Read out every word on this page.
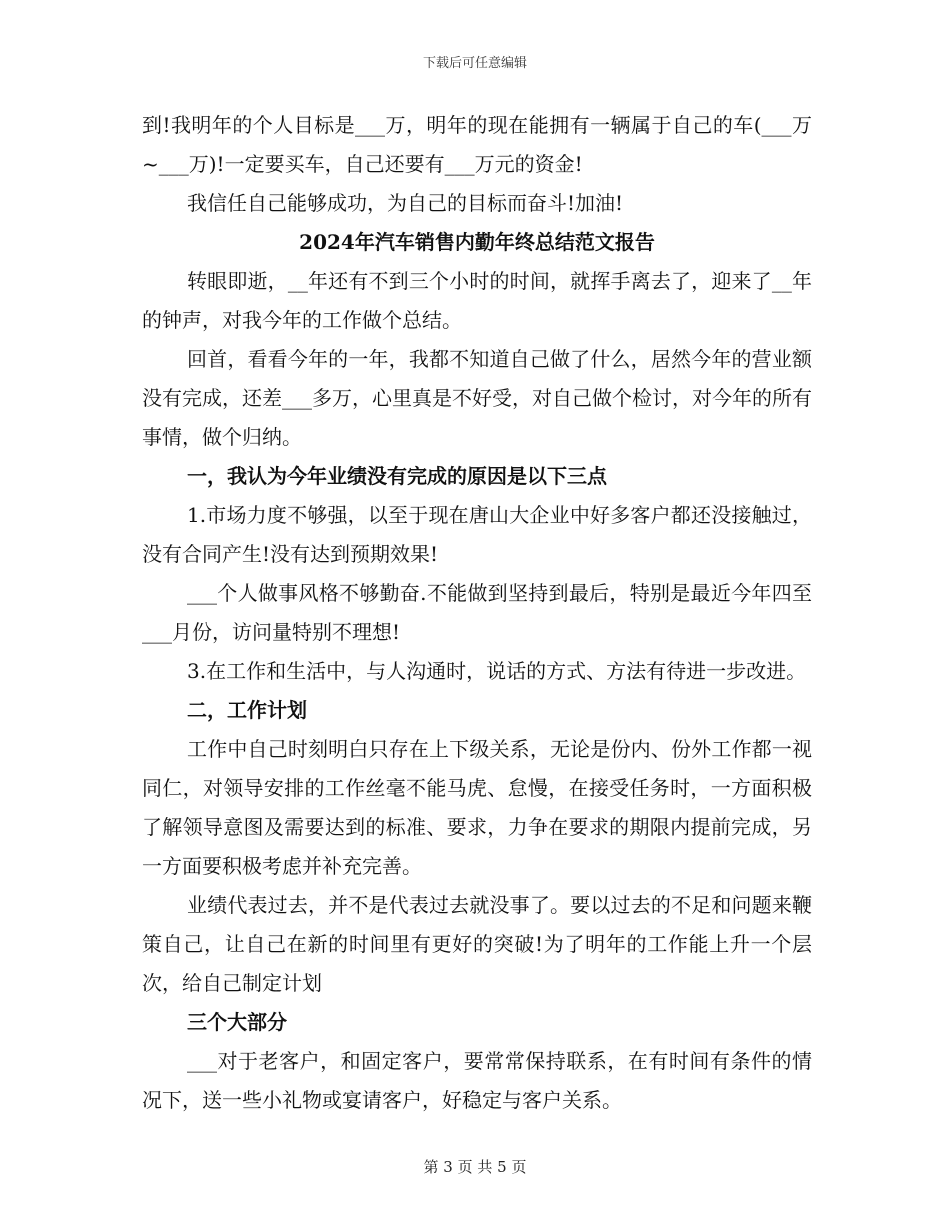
下载后可任意编辑

到!我明年的个人目标是___万，明年的现在能拥有一辆属于自己的车(___万~___万)!一定要买车，自己还要有___万元的资金!

我信任自己能够成功，为自己的目标而奋斗!加油!

2024年汽车销售内勤年终总结范文报告

转眼即逝，__年还有不到三个小时的时间，就挥手离去了，迎来了__年的钟声，对我今年的工作做个总结。

回首，看看今年的一年，我都不知道自己做了什么，居然今年的营业额没有完成，还差___多万，心里真是不好受，对自己做个检讨，对今年的所有事情，做个归纳。

一，我认为今年业绩没有完成的原因是以下三点

1.市场力度不够强，以至于现在唐山大企业中好多客户都还没接触过，没有合同产生!没有达到预期效果!

___个人做事风格不够勤奋.不能做到坚持到最后，特别是最近今年四至___月份，访问量特别不理想!

3.在工作和生活中，与人沟通时，说话的方式、方法有待进一步改进。

二，工作计划

工作中自己时刻明白只存在上下级关系，无论是份内、份外工作都一视同仁，对领导安排的工作丝毫不能马虎、怠慢，在接受任务时，一方面积极了解领导意图及需要达到的标准、要求，力争在要求的期限内提前完成，另一方面要积极考虑并补充完善。

业绩代表过去，并不是代表过去就没事了。要以过去的不足和问题来鞭策自己，让自己在新的时间里有更好的突破!为了明年的工作能上升一个层次，给自己制定计划

三个大部分

___对于老客户，和固定客户，要常常保持联系，在有时间有条件的情况下，送一些小礼物或宴请客户，好稳定与客户关系。

第 3 页 共 5 页
